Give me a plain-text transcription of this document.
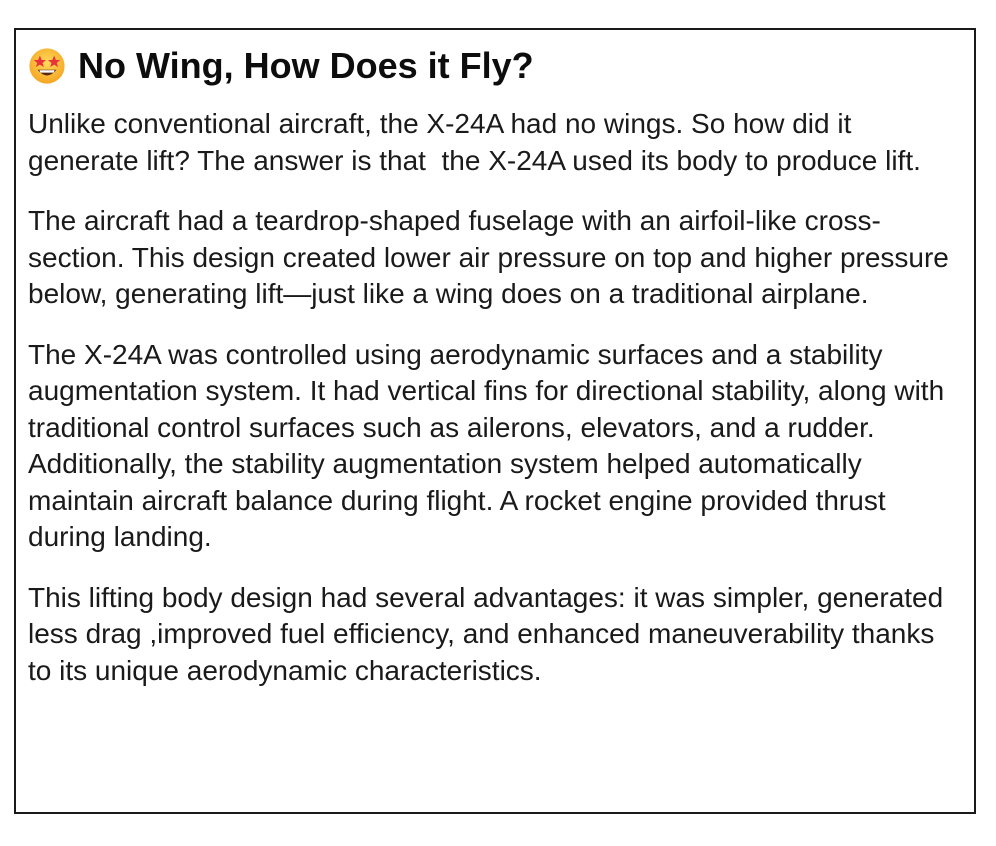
No Wing, How Does it Fly?

Unlike conventional aircraft, the X-24A had no wings. So how did it generate lift? The answer is that  the X-24A used its body to produce lift.

The aircraft had a teardrop-shaped fuselage with an airfoil-like cross-section. This design created lower air pressure on top and higher pressure below, generating lift—just like a wing does on a traditional airplane.

The X-24A was controlled using aerodynamic surfaces and a stability augmentation system. It had vertical fins for directional stability, along with traditional control surfaces such as ailerons, elevators, and a rudder. Additionally, the stability augmentation system helped automatically maintain aircraft balance during flight. A rocket engine provided thrust during landing.

This lifting body design had several advantages: it was simpler, generated less drag ,improved fuel efficiency, and enhanced maneuverability thanks to its unique aerodynamic characteristics.
